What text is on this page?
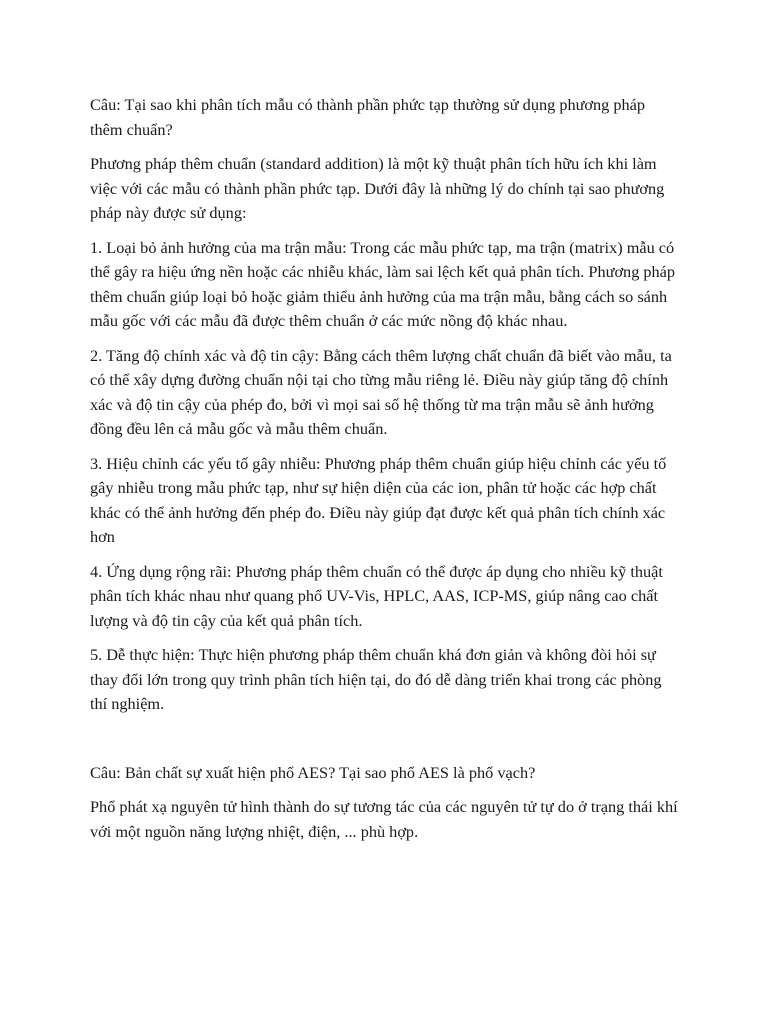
Câu: Tại sao khi phân tích mẫu có thành phần phức tạp thường sử dụng phương pháp thêm chuẩn?

Phương pháp thêm chuẩn (standard addition) là một kỹ thuật phân tích hữu ích khi làm việc với các mẫu có thành phần phức tạp. Dưới đây là những lý do chính tại sao phương pháp này được sử dụng:

1. Loại bỏ ảnh hưởng của ma trận mẫu: Trong các mẫu phức tạp, ma trận (matrix) mẫu có thể gây ra hiệu ứng nền hoặc các nhiễu khác, làm sai lệch kết quả phân tích. Phương pháp thêm chuẩn giúp loại bỏ hoặc giảm thiểu ảnh hưởng của ma trận mẫu, bằng cách so sánh mẫu gốc với các mẫu đã được thêm chuẩn ở các mức nồng độ khác nhau.

2. Tăng độ chính xác và độ tin cậy: Bằng cách thêm lượng chất chuẩn đã biết vào mẫu, ta có thể xây dựng đường chuẩn nội tại cho từng mẫu riêng lẻ. Điều này giúp tăng độ chính xác và độ tin cậy của phép đo, bởi vì mọi sai số hệ thống từ ma trận mẫu sẽ ảnh hưởng đồng đều lên cả mẫu gốc và mẫu thêm chuẩn.

3. Hiệu chỉnh các yếu tố gây nhiễu: Phương pháp thêm chuẩn giúp hiệu chỉnh các yếu tố gây nhiễu trong mẫu phức tạp, như sự hiện diện của các ion, phân tử hoặc các hợp chất khác có thể ảnh hưởng đến phép đo. Điều này giúp đạt được kết quả phân tích chính xác hơn

4. Ứng dụng rộng rãi: Phương pháp thêm chuẩn có thể được áp dụng cho nhiều kỹ thuật phân tích khác nhau như quang phổ UV-Vis, HPLC, AAS, ICP-MS, giúp nâng cao chất lượng và độ tin cậy của kết quả phân tích.

5. Dễ thực hiện: Thực hiện phương pháp thêm chuẩn khá đơn giản và không đòi hỏi sự thay đổi lớn trong quy trình phân tích hiện tại, do đó dễ dàng triển khai trong các phòng thí nghiệm.

Câu: Bản chất sự xuất hiện phổ AES? Tại sao phổ AES là phổ vạch?

Phổ phát xạ nguyên tử hình thành do sự tương tác của các nguyên tử tự do ở trạng thái khí với một nguồn năng lượng nhiệt, điện, ... phù hợp.
